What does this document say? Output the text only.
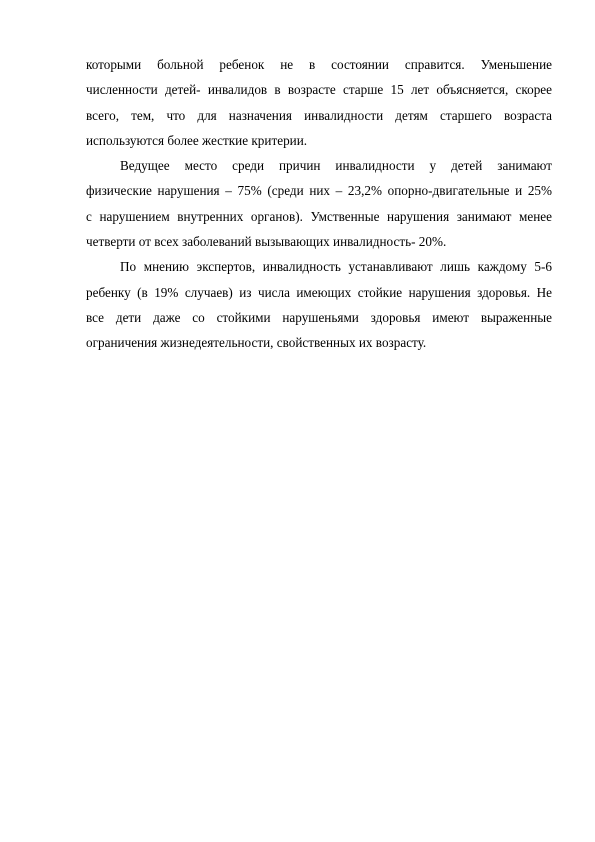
которыми больной ребенок не в состоянии справится. Уменьшение
численности детей- инвалидов в возрасте старше 15 лет объясняется, скорее
всего, тем, что для назначения инвалидности детям старшего возраста
используются более жесткие критерии.
Ведущее место среди причин инвалидности у детей занимают
физические нарушения – 75% (среди них – 23,2% опорно-двигательные и 25%
с нарушением внутренних органов). Умственные нарушения занимают менее
четверти от всех заболеваний вызывающих инвалидность- 20%.
По мнению экспертов, инвалидность устанавливают лишь каждому 5-6
ребенку (в 19% случаев) из числа имеющих стойкие нарушения здоровья. Не
все дети даже со стойкими нарушеньями здоровья имеют выраженные
ограничения жизнедеятельности, свойственных их возрасту.
